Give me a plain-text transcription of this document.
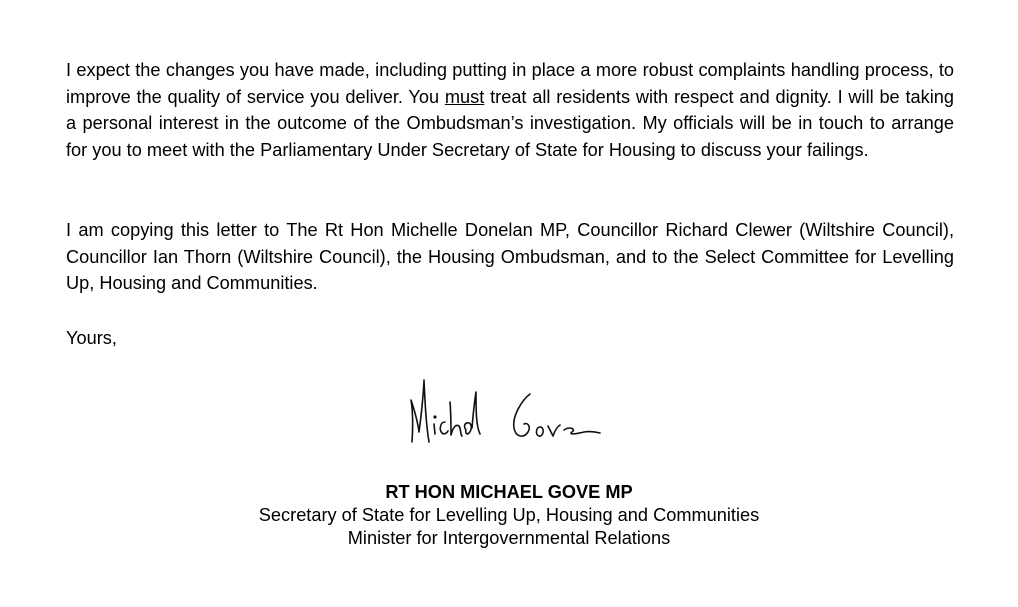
I expect the changes you have made, including putting in place a more robust complaints handling process, to improve the quality of service you deliver. You must treat all residents with respect and dignity. I will be taking a personal interest in the outcome of the Ombudsman’s investigation. My officials will be in touch to arrange for you to meet with the Parliamentary Under Secretary of State for Housing to discuss your failings.

I am copying this letter to The Rt Hon Michelle Donelan MP, Councillor Richard Clewer (Wiltshire Council), Councillor Ian Thorn (Wiltshire Council), the Housing Ombudsman, and to the Select Committee for Levelling Up, Housing and Communities.

Yours,

RT HON MICHAEL GOVE MP

Secretary of State for Levelling Up, Housing and Communities

Minister for Intergovernmental Relations
